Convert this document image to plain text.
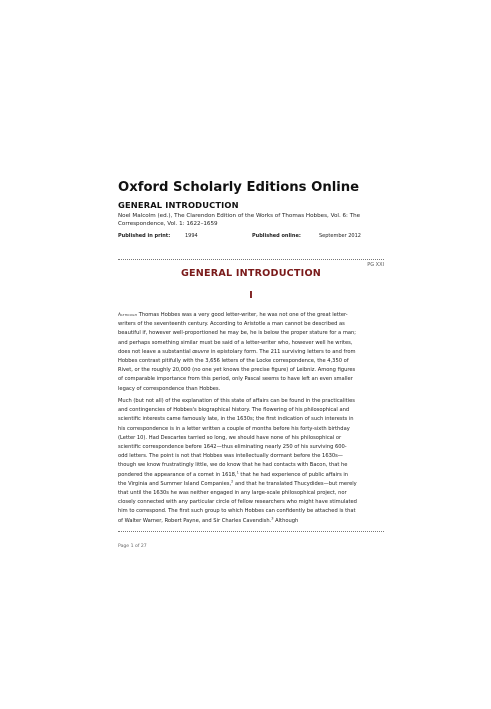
Oxford Scholarly Editions Online
GENERAL INTRODUCTION
Noel Malcolm (ed.), The Clarendon Edition of the Works of Thomas Hobbes, Vol. 6: The
Correspondence, Vol. 1: 1622–1659
Published in print:	1994	Published online:	September 2012
PG XXI
GENERAL INTRODUCTION
I

Although Thomas Hobbes was a very good letter-writer, he was not one of the great letter-

writers of the seventeenth century. According to Aristotle a man cannot be described as

beautiful if, however well-proportioned he may be, he is below the proper stature for a man;

and perhaps something similar must be said of a letter-writer who, however well he writes,

does not leave a substantial œuvre in epistolary form. The 211 surviving letters to and from

Hobbes contrast pitifully with the 3,656 letters of the Locke correspondence, the 4,350 of

Rivet, or the roughly 20,000 (no one yet knows the precise figure) of Leibniz. Among figures

of comparable importance from this period, only Pascal seems to have left an even smaller

legacy of correspondence than Hobbes.

Much (but not all) of the explanation of this state of affairs can be found in the practicalities

and contingencies of Hobbes's biographical history. The flowering of his philosophical and

scientific interests came famously late, in the 1630s; the first indication of such interests in

his correspondence is in a letter written a couple of months before his forty-sixth birthday

(Letter 10). Had Descartes tarried so long, we should have none of his philosophical or

scientific correspondence before 1642—thus eliminating nearly 250 of his surviving 600-

odd letters. The point is not that Hobbes was intellectually dormant before the 1630s—

though we know frustratingly little, we do know that he had contacts with Bacon, that he

pondered the appearance of a comet in 1618,$^1$ that he had experience of public affairs in

the Virginia and Summer Island Companies,$^2$ and that he translated Thucydides—but merely

that until the 1630s he was neither engaged in any large-scale philosophical project, nor

closely connected with any particular circle of fellow researchers who might have stimulated

him to correspond. The first such group to which Hobbes can confidently be attached is that

of Walter Warner, Robert Payne, and Sir Charles Cavendish.$^3$ Although

Page 1 of 27
